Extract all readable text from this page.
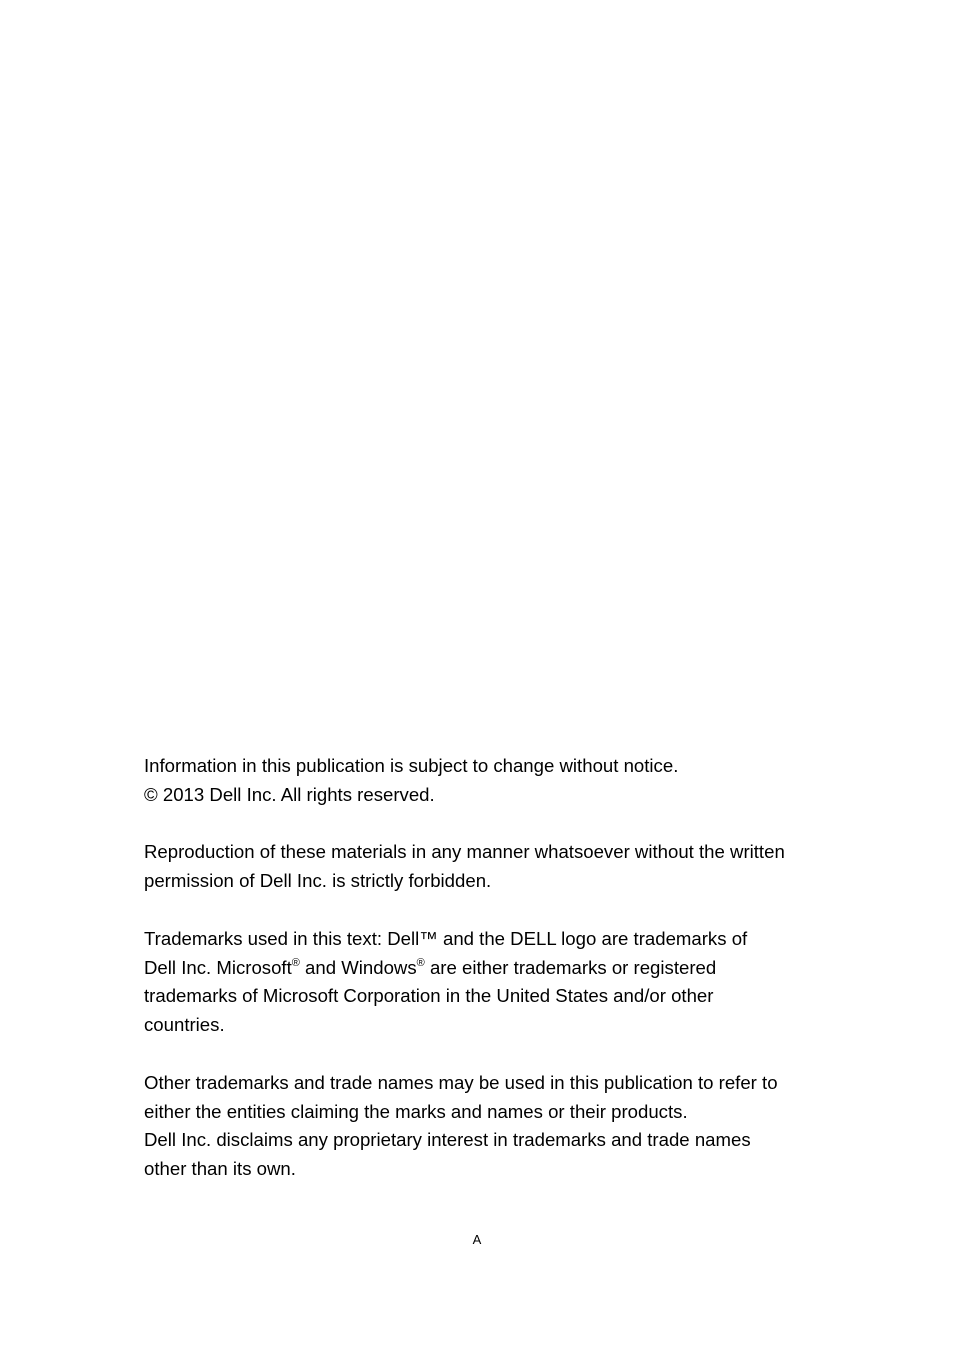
Information in this publication is subject to change without notice.

© 2013 Dell Inc. All rights reserved.

Reproduction of these materials in any manner whatsoever without the written

permission of Dell Inc. is strictly forbidden.

Trademarks used in this text: Dell™ and the DELL logo are trademarks of

Dell Inc. Microsoft® and Windows® are either trademarks or registered

trademarks of Microsoft Corporation in the United States and/or other

countries.

Other trademarks and trade names may be used in this publication to refer to

either the entities claiming the marks and names or their products.

Dell Inc. disclaims any proprietary interest in trademarks and trade names

other than its own.

A
